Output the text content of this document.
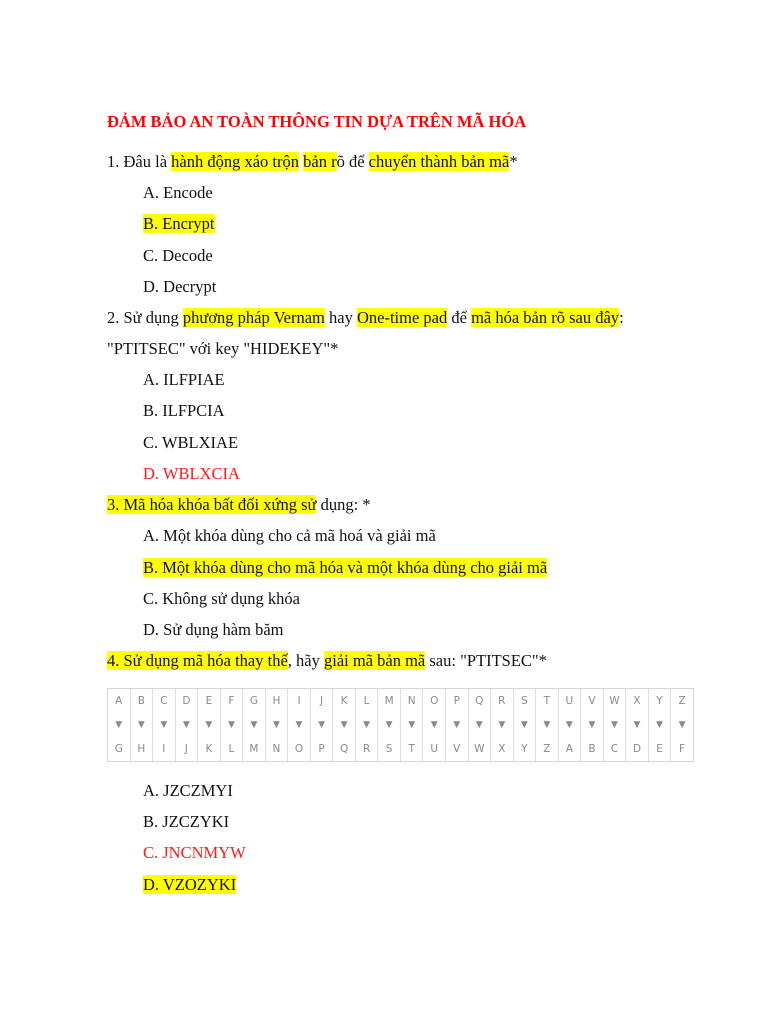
ĐẢM BẢO AN TOÀN THÔNG TIN DỰA TRÊN MÃ HÓA
1. Đâu là hành động xáo trộn bản rõ để chuyển thành bản mã*
A. Encode
B. Encrypt
C. Decode
D. Decrypt
2. Sử dụng phương pháp Vernam hay One-time pad để mã hóa bản rõ sau đây:
"PTITSEC" với key "HIDEKEY"*
A. ILFPIAE
B. ILFPCIA
C. WBLXIAE
D. WBLXCIA
3. Mã hóa khóa bất đối xứng sử dụng: *
A. Một khóa dùng cho cả mã hoá và giải mã
B. Một khóa dùng cho mã hóa và một khóa dùng cho giải mã
C. Không sử dụng khóa
D. Sử dụng hàm băm
4. Sử dụng mã hóa thay thế, hãy giải mã bản mã sau: "PTITSEC"*
A
▼
G
B
▼
H
C
▼
I
D
▼
J
E
▼
K
F
▼
L
G
▼
M
H
▼
N
I
▼
O
J
▼
P
K
▼
Q
L
▼
R
M
▼
S
N
▼
T
O
▼
U
P
▼
V
Q
▼
W
R
▼
X
S
▼
Y
T
▼
Z
U
▼
A
V
▼
B
W
▼
C
X
▼
D
Y
▼
E
Z
▼
F
A. JZCZMYI
B. JZCZYKI
C. JNCNMYW
D. VZOZYKI
